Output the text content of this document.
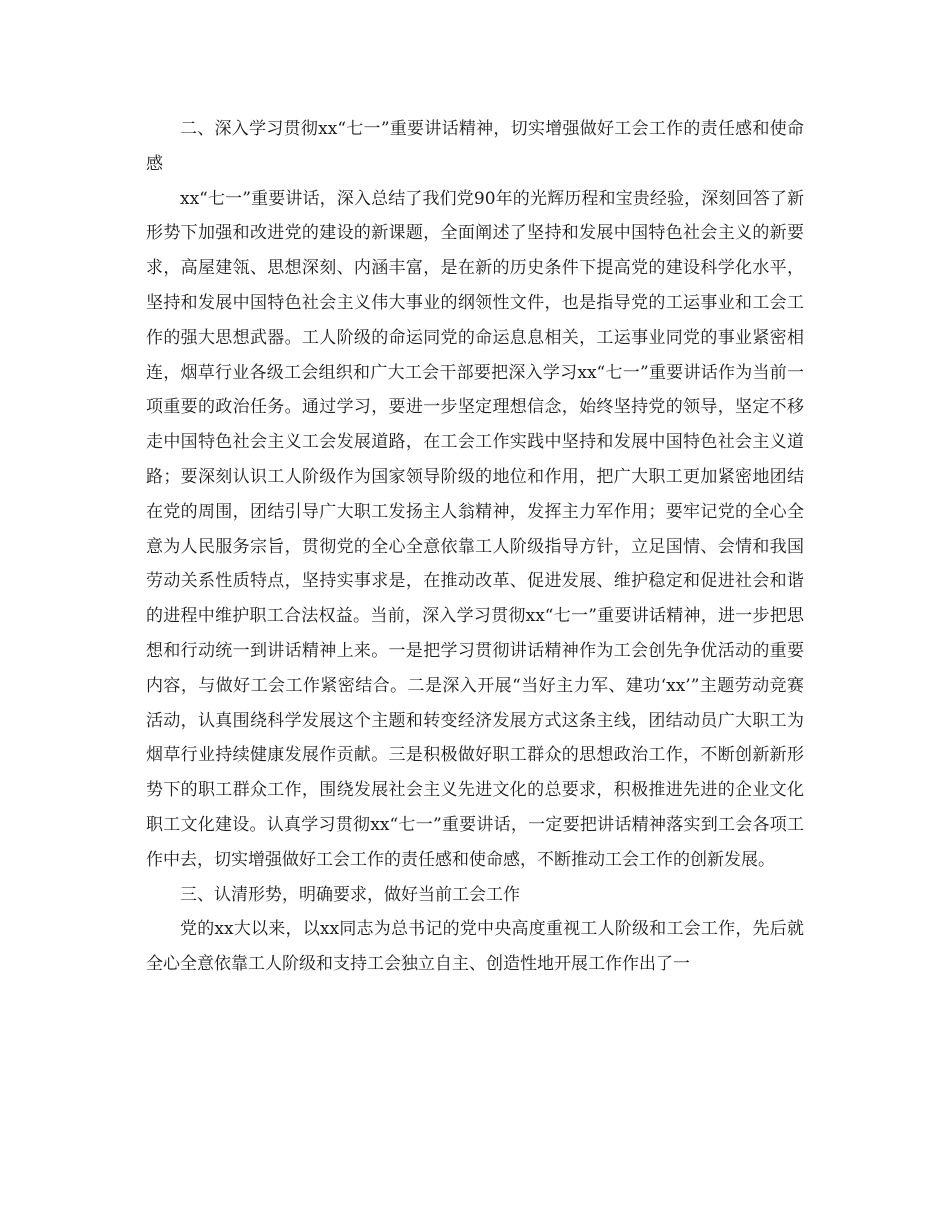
二、深入学习贯彻xx“七一”重要讲话精神，切实增强做好工会工作的责任感和使命感

xx“七一”重要讲话，深入总结了我们党90年的光辉历程和宝贵经验，深刻回答了新形势下加强和改进党的建设的新课题，全面阐述了坚持和发展中国特色社会主义的新要求，高屋建瓴、思想深刻、内涵丰富，是在新的历史条件下提高党的建设科学化水平，坚持和发展中国特色社会主义伟大事业的纲领性文件，也是指导党的工运事业和工会工作的强大思想武器。工人阶级的命运同党的命运息息相关，工运事业同党的事业紧密相连，烟草行业各级工会组织和广大工会干部要把深入学习xx“七一”重要讲话作为当前一项重要的政治任务。通过学习，要进一步坚定理想信念，始终坚持党的领导，坚定不移走中国特色社会主义工会发展道路，在工会工作实践中坚持和发展中国特色社会主义道路；要深刻认识工人阶级作为国家领导阶级的地位和作用，把广大职工更加紧密地团结在党的周围，团结引导广大职工发扬主人翁精神，发挥主力军作用；要牢记党的全心全意为人民服务宗旨，贯彻党的全心全意依靠工人阶级指导方针，立足国情、会情和我国劳动关系性质特点，坚持实事求是，在推动改革、促进发展、维护稳定和促进社会和谐的进程中维护职工合法权益。当前，深入学习贯彻xx“七一”重要讲话精神，进一步把思想和行动统一到讲话精神上来。一是把学习贯彻讲话精神作为工会创先争优活动的重要内容，与做好工会工作紧密结合。二是深入开展“当好主力军、建功‘xx’”主题劳动竞赛活动，认真围绕科学发展这个主题和转变经济发展方式这条主线，团结动员广大职工为烟草行业持续健康发展作贡献。三是积极做好职工群众的思想政治工作，不断创新新形势下的职工群众工作，围绕发展社会主义先进文化的总要求，积极推进先进的企业文化职工文化建设。认真学习贯彻xx“七一”重要讲话，一定要把讲话精神落实到工会各项工作中去，切实增强做好工会工作的责任感和使命感，不断推动工会工作的创新发展。

三、认清形势，明确要求，做好当前工会工作

党的xx大以来，以xx同志为总书记的党中央高度重视工人阶级和工会工作，先后就全心全意依靠工人阶级和支持工会独立自主、创造性地开展工作作出了一
